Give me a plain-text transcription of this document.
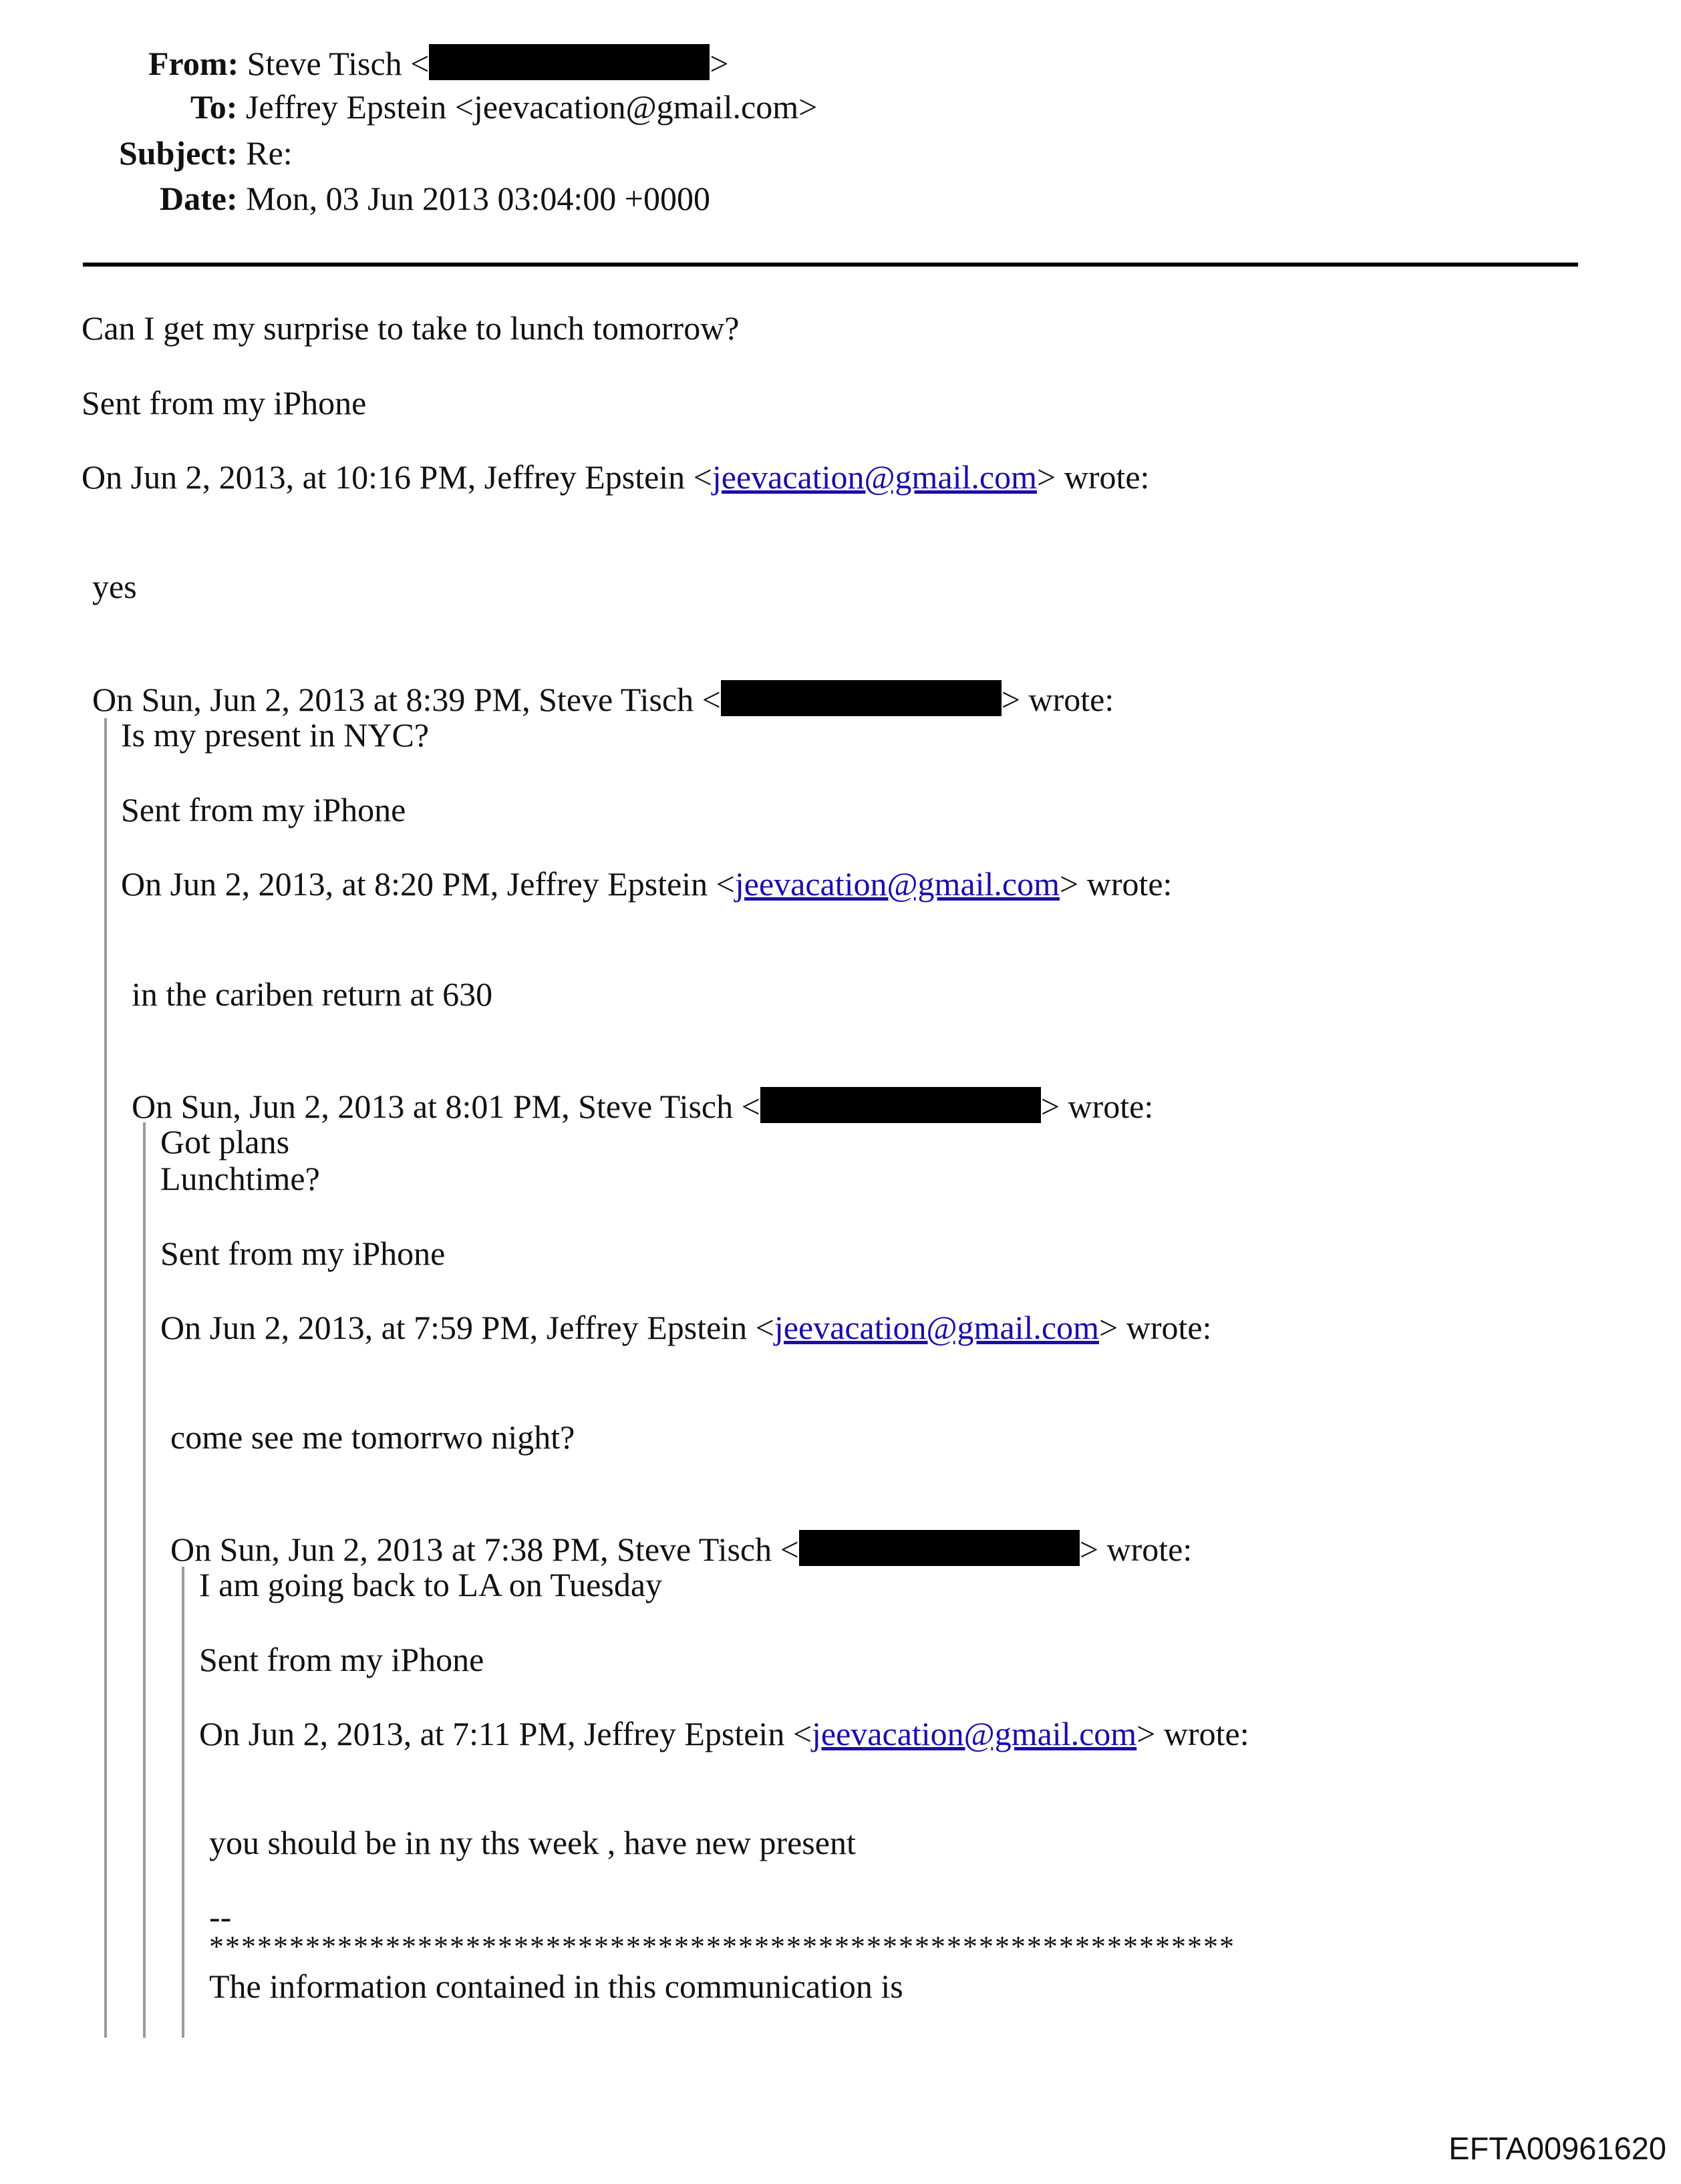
From: Steve Tisch <	>
To: Jeffrey Epstein <jeevacation@gmail.com>
Subject: Re:
Date: Mon, 03 Jun 2013 03:04:00 +0000
Can I get my surprise to take to lunch tomorrow?
Sent from my iPhone
On Jun 2, 2013, at 10:16 PM, Jeffrey Epstein <jeevacation@gmail.com> wrote:
yes
On Sun, Jun 2, 2013 at 8:39 PM, Steve Tisch <	> wrote:
Is my present in NYC?
Sent from my iPhone
On Jun 2, 2013, at 8:20 PM, Jeffrey Epstein <jeevacation@gmail.com> wrote:
in the cariben return at 630
On Sun, Jun 2, 2013 at 8:01 PM, Steve Tisch <	> wrote:
Got plans
Lunchtime?
Sent from my iPhone
On Jun 2, 2013, at 7:59 PM, Jeffrey Epstein <jeevacation@gmail.com> wrote:
come see me tomorrwo night?
On Sun, Jun 2, 2013 at 7:38 PM, Steve Tisch <	> wrote:
I am going back to LA on Tuesday
Sent from my iPhone
On Jun 2, 2013, at 7:11 PM, Jeffrey Epstein <jeevacation@gmail.com> wrote:
you should be in ny ths week , have new present
--
****************************************************************
The information contained in this communication is
EFTA00961620
